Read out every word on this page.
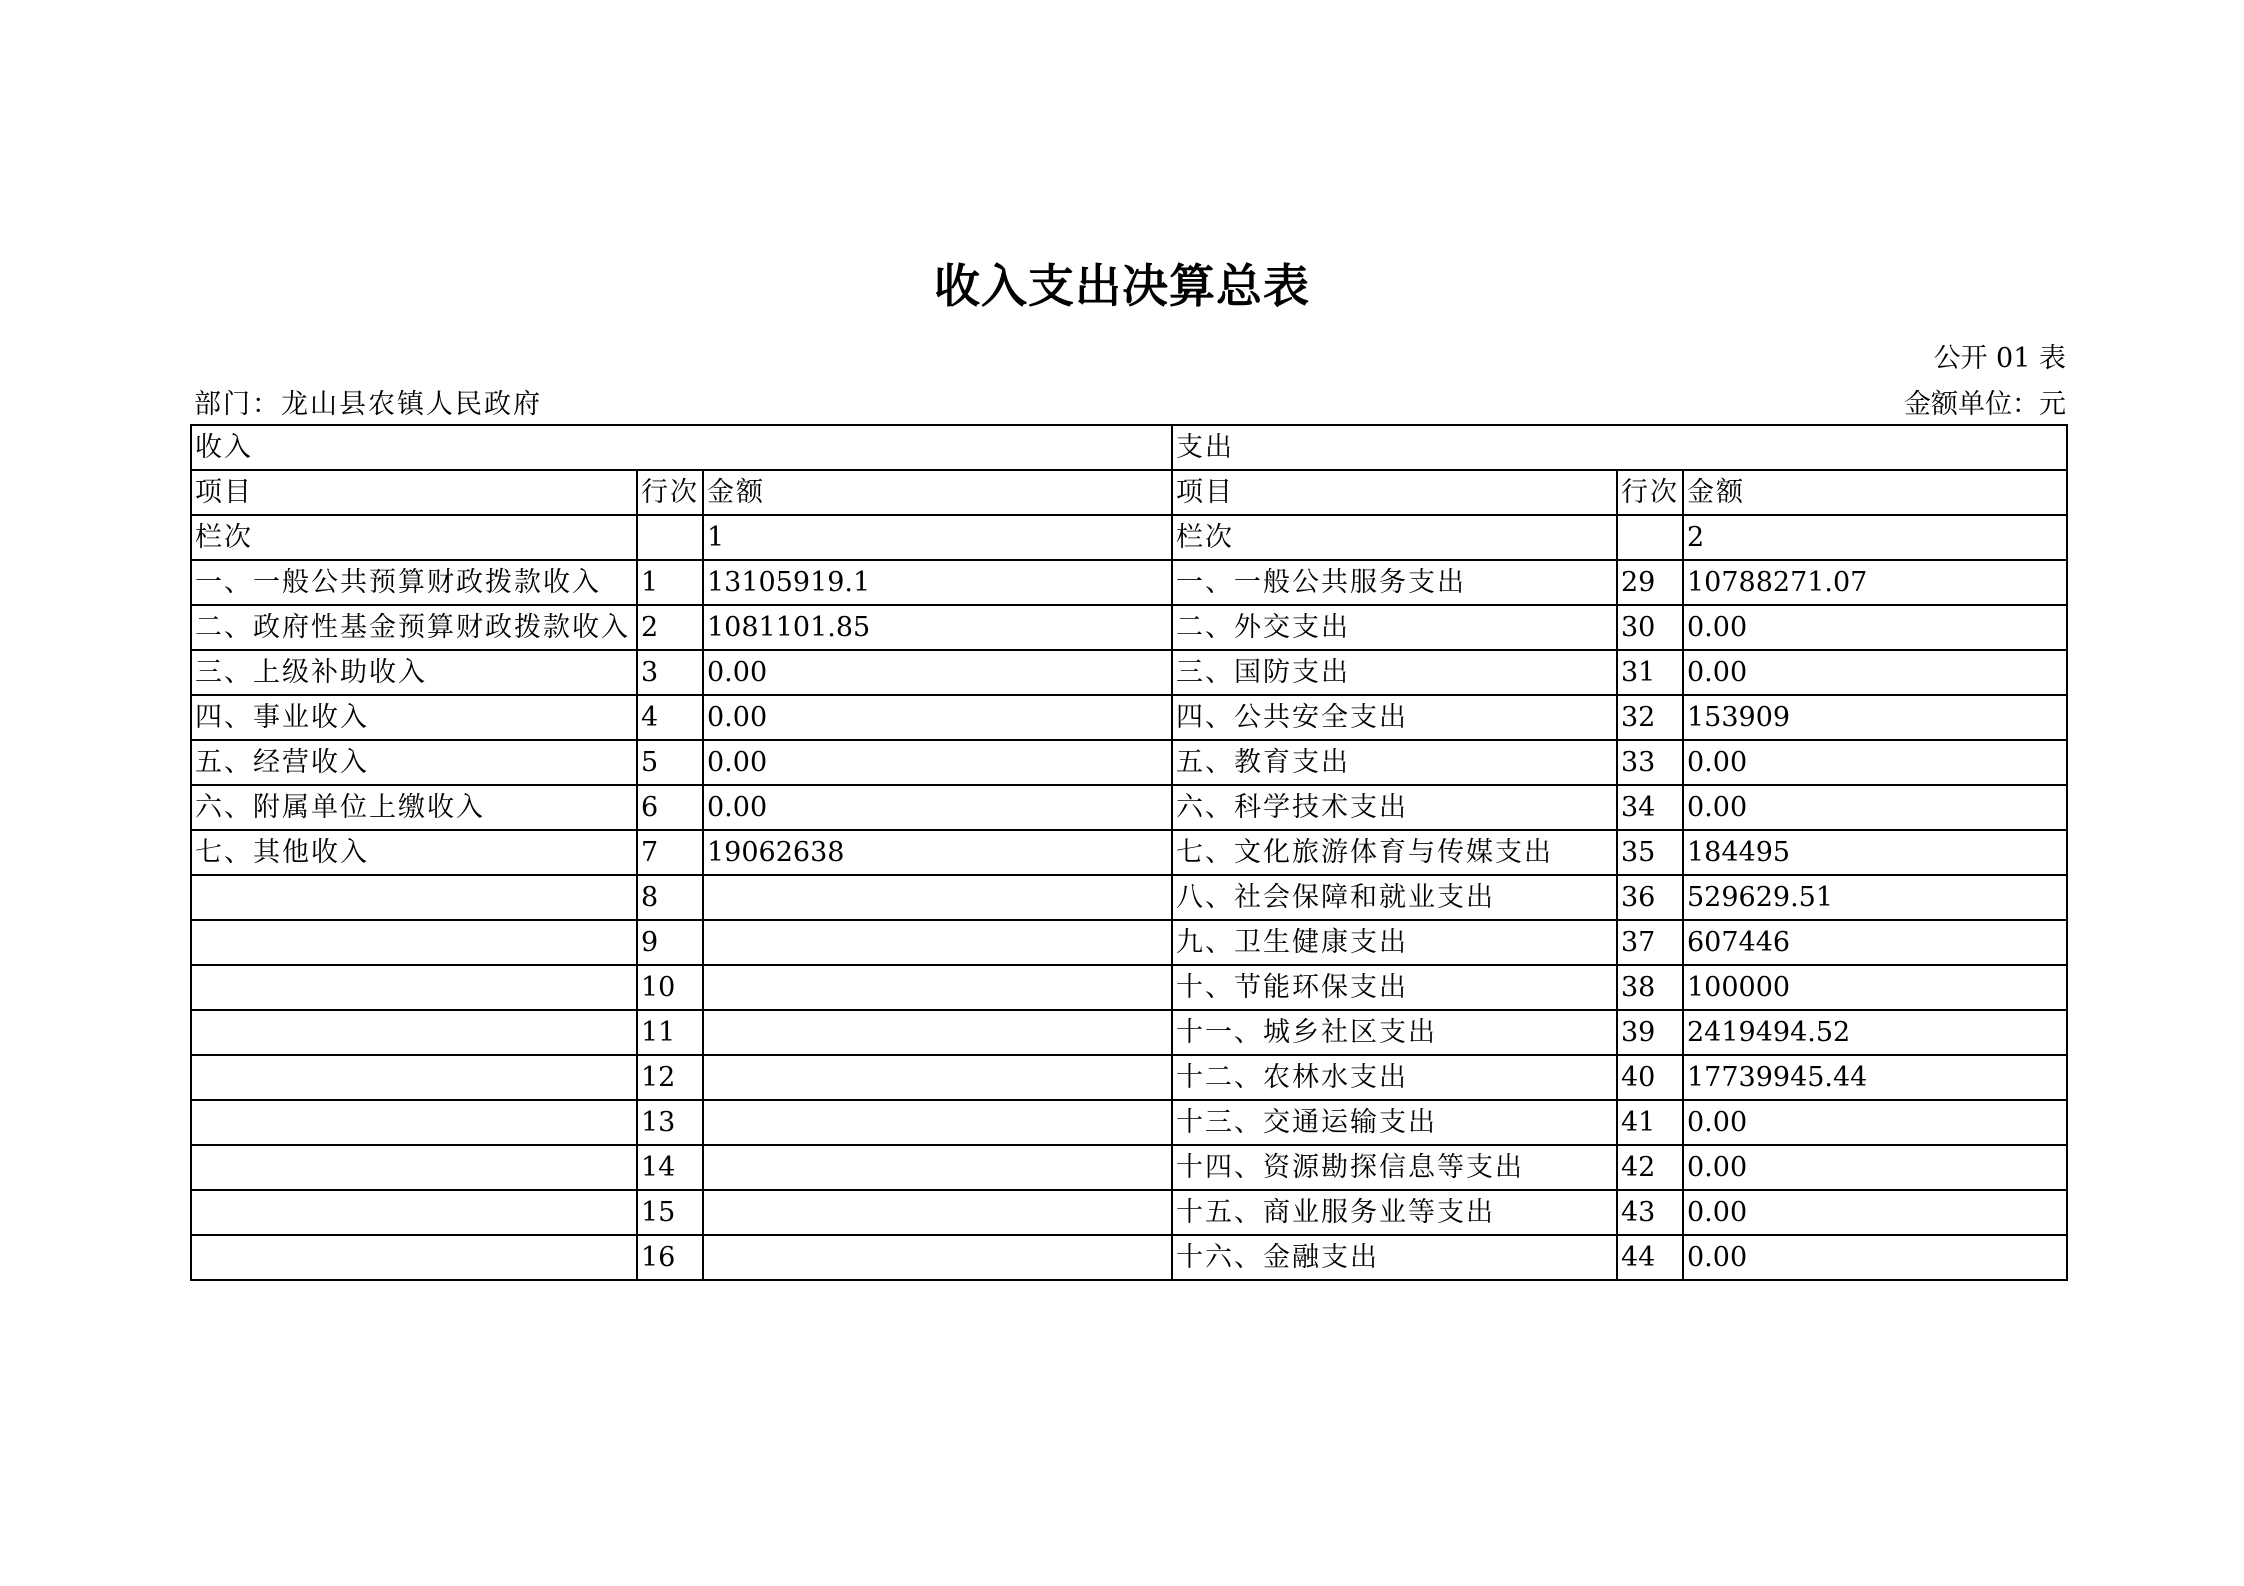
收入支出决算总表
公开 01 表
部门：龙山县农镇人民政府	金额单位：元
收入			支出		
项目	行次	金额	项目	行次	金额
栏次		1	栏次		2
一、一般公共预算财政拨款收入	1	13105919.1	一、一般公共服务支出	29	10788271.07
二、政府性基金预算财政拨款收入	2	1081101.85	二、外交支出	30	0.00
三、上级补助收入	3	0.00	三、国防支出	31	0.00
四、事业收入	4	0.00	四、公共安全支出	32	153909
五、经营收入	5	0.00	五、教育支出	33	0.00
六、附属单位上缴收入	6	0.00	六、科学技术支出	34	0.00
七、其他收入	7	19062638	七、文化旅游体育与传媒支出	35	184495
	8		八、社会保障和就业支出	36	529629.51
	9		九、卫生健康支出	37	607446
	10		十、节能环保支出	38	100000
	11		十一、城乡社区支出	39	2419494.52
	12		十二、农林水支出	40	17739945.44
	13		十三、交通运输支出	41	0.00
	14		十四、资源勘探信息等支出	42	0.00
	15		十五、商业服务业等支出	43	0.00
	16		十六、金融支出	44	0.00
